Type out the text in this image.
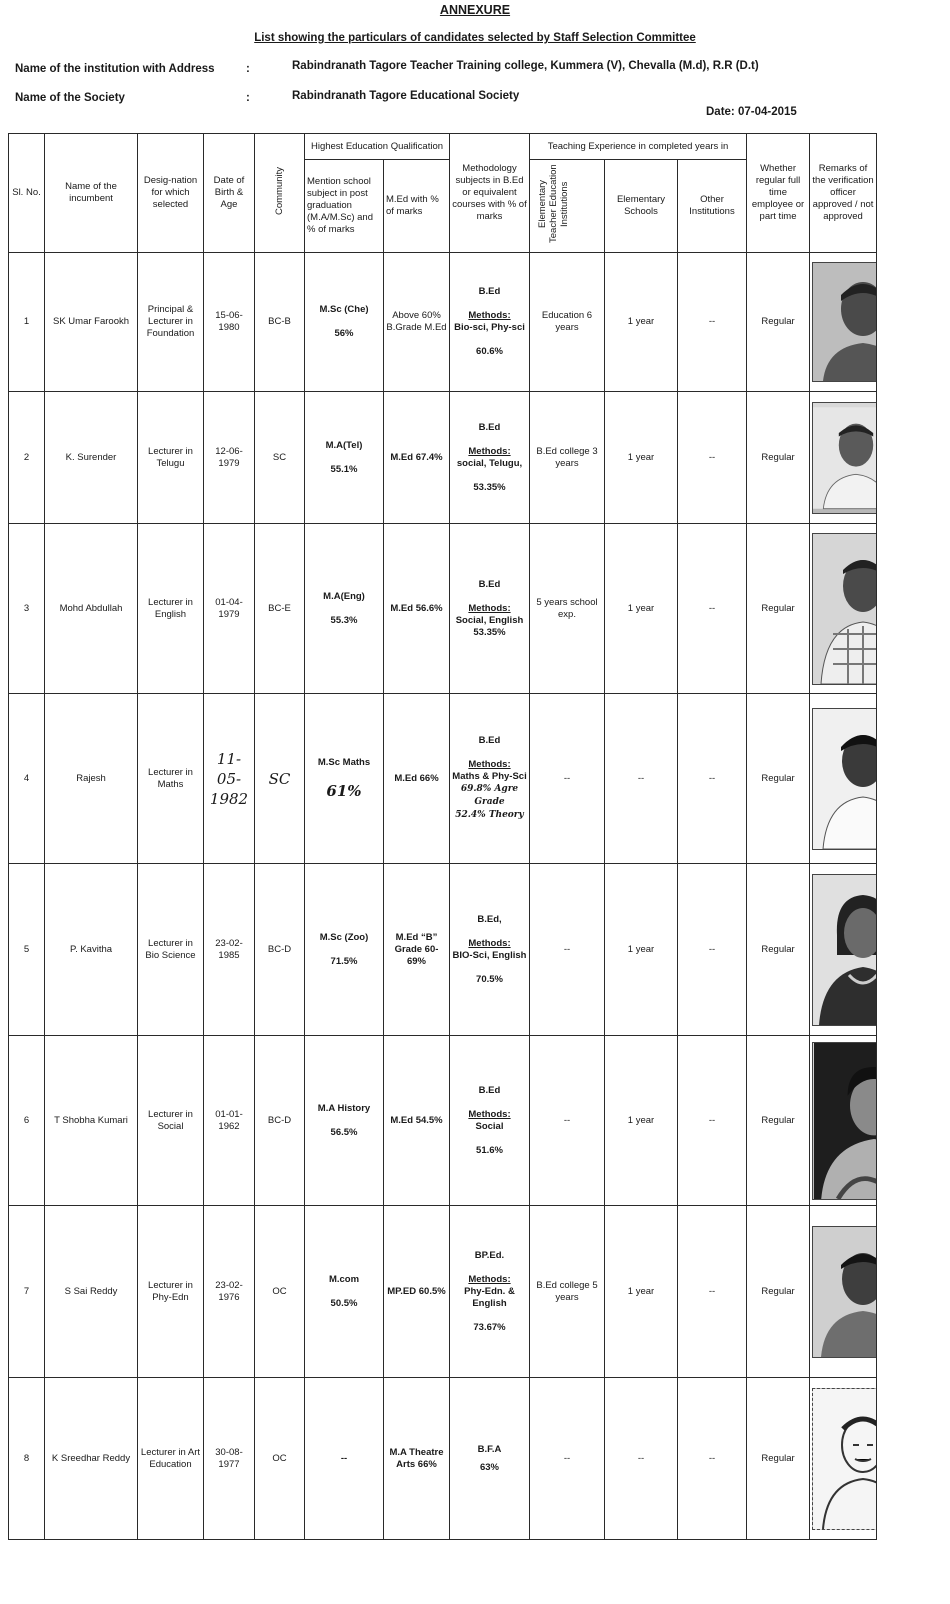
ANNEXURE
List showing the particulars of candidates selected by Staff Selection Committee
Name of the institution with Address	:	Rabindranath Tagore Teacher Training college, Kummera (V), Chevalla (M.d), R.R (D.t)
Name of the Society	:	Rabindranath Tagore Educational Society
Date: 07-04-2015
Sl. No.	Name of the incumbent	Desig-nation for which selected	Date of Birth & Age	Community	Highest Education Qualification		Methodology subjects in B.Ed or equivalent courses with % of marks	Teaching Experience in completed years in			Whether regular full time employee or part time	Remarks of the verification officer approved / not approved
					Mention school subject in post graduation (M.A/M.Sc) and % of marks	M.Ed with % of marks		Elementary Teacher Education Institutions	Elementary Schools	Other Institutions		
1	SK Umar Farookh	Principal & Lecturer in Foundation	15-06-1980	BC-B	M.Sc (Che)
56%	Above 60% B.Grade M.Ed	B.Ed
Methods:
Bio-sci, Phy-sci
60.6%	Education 6 years	1 year	--	Regular	

2	K. Surender	Lecturer in Telugu	12-06-1979	SC	M.A(Tel)
55.1%	M.Ed 67.4%	B.Ed
Methods:
social, Telugu,
53.35%	B.Ed college 3 years	1 year	--	Regular	

3	Mohd Abdullah	Lecturer in English	01-04-1979	BC-E	M.A(Eng)
55.3%	M.Ed 56.6%	B.Ed
Methods:
Social, English
53.35%	5 years school exp.	1 year	--	Regular	

4	Rajesh	Lecturer in Maths	11-05-1982	SC	M.Sc Maths
61%	M.Ed 66%	B.Ed
Methods:
Maths & Phy-Sci
69.8% Agre Grade
52.4% Theory	--	--	--	Regular	

5	P. Kavitha	Lecturer in Bio Science	23-02-1985	BC-D	M.Sc (Zoo)
71.5%	M.Ed “B” Grade 60-69%	B.Ed,
Methods:
BIO-Sci, English
70.5%	--	1 year	--	Regular	

6	T Shobha Kumari	Lecturer in Social	01-01-1962	BC-D	M.A History
56.5%	M.Ed 54.5%	B.Ed
Methods:
Social
51.6%	--	1 year	--	Regular	

7	S Sai Reddy	Lecturer in Phy-Edn	23-02-1976	OC	M.com
50.5%	MP.ED 60.5%	BP.Ed.
Methods:
Phy-Edn. & English
73.67%	B.Ed college 5 years	1 year	--	Regular	

8	K Sreedhar Reddy	Lecturer in Art Education	30-08-1977	OC	--	M.A Theatre Arts 66%	B.F.A
63%	--	--	--	Regular	
